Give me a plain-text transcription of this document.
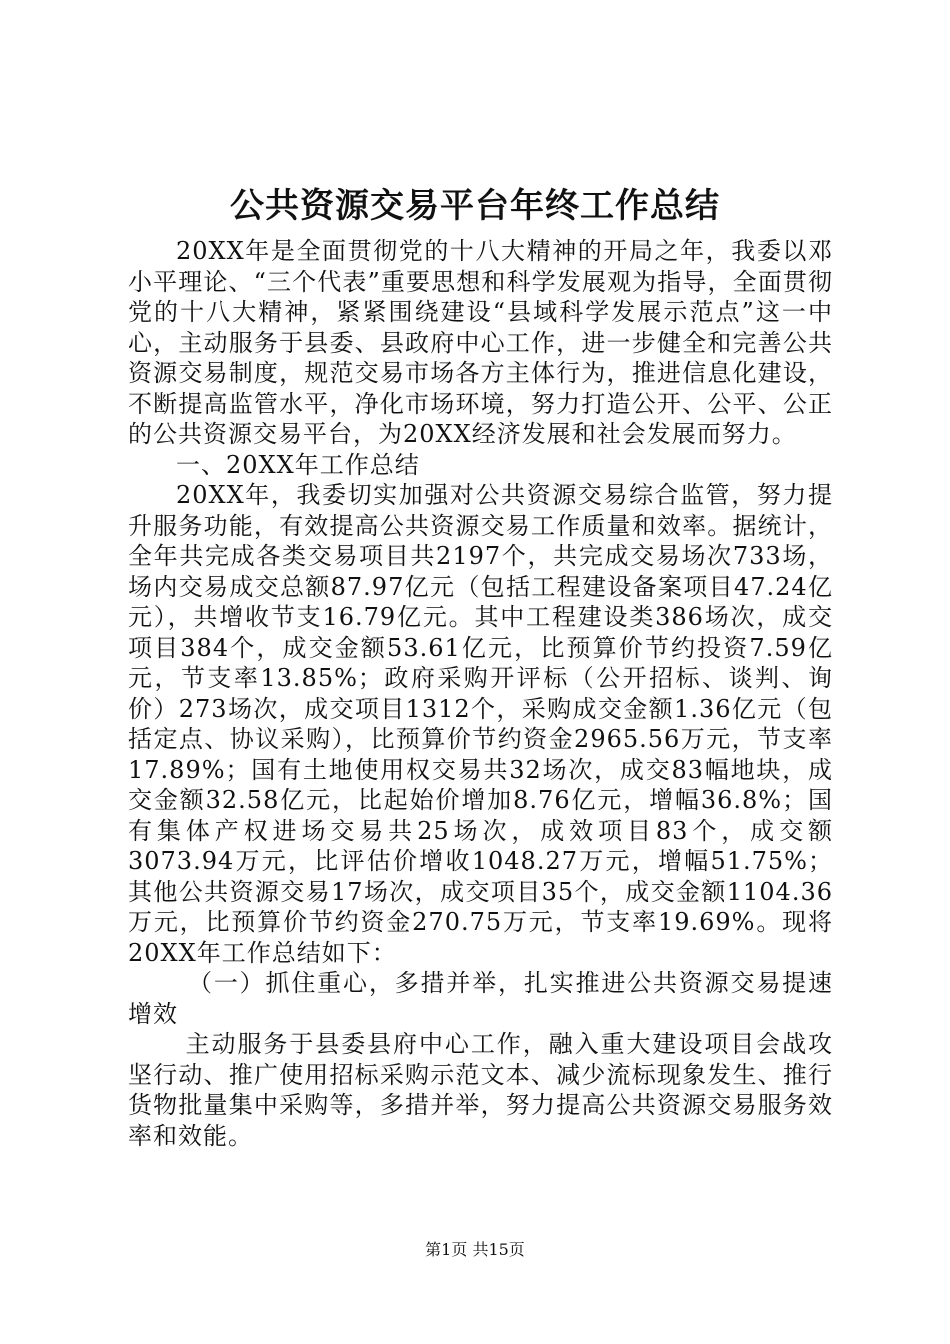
公共资源交易平台年终工作总结

20XX年是全面贯彻党的十八大精神的开局之年，我委以邓小平理论、“三个代表”重要思想和科学发展观为指导，全面贯彻党的十八大精神，紧紧围绕建设“县域科学发展示范点”这一中心，主动服务于县委、县政府中心工作，进一步健全和完善公共资源交易制度，规范交易市场各方主体行为，推进信息化建设，不断提高监管水平，净化市场环境，努力打造公开、公平、公正的公共资源交易平台，为20XX经济发展和社会发展而努力。

一、20XX年工作总结

20XX年，我委切实加强对公共资源交易综合监管，努力提升服务功能，有效提高公共资源交易工作质量和效率。据统计，全年共完成各类交易项目共2197个，共完成交易场次733场，场内交易成交总额87.97亿元（包括工程建设备案项目47.24亿元），共增收节支16.79亿元。其中工程建设类386场次，成交项目384个，成交金额53.61亿元，比预算价节约投资7.59亿元，节支率13.85%；政府采购开评标（公开招标、谈判、询价）273场次，成交项目1312个，采购成交金额1.36亿元（包括定点、协议采购），比预算价节约资金2965.56万元，节支率17.89%；国有土地使用权交易共32场次，成交83幅地块，成交金额32.58亿元，比起始价增加8.76亿元，增幅36.8%；国有集体产权进场交易共25场次，成效项目83个，成交额3073.94万元，比评估价增收1048.27万元，增幅51.75%；其他公共资源交易17场次，成交项目35个，成交金额1104.36万元，比预算价节约资金270.75万元，节支率19.69%。现将20XX年工作总结如下：

（一）抓住重心，多措并举，扎实推进公共资源交易提速增效

主动服务于县委县府中心工作，融入重大建设项目会战攻坚行动、推广使用招标采购示范文本、减少流标现象发生、推行货物批量集中采购等，多措并举，努力提高公共资源交易服务效率和效能。

第1页 共15页
